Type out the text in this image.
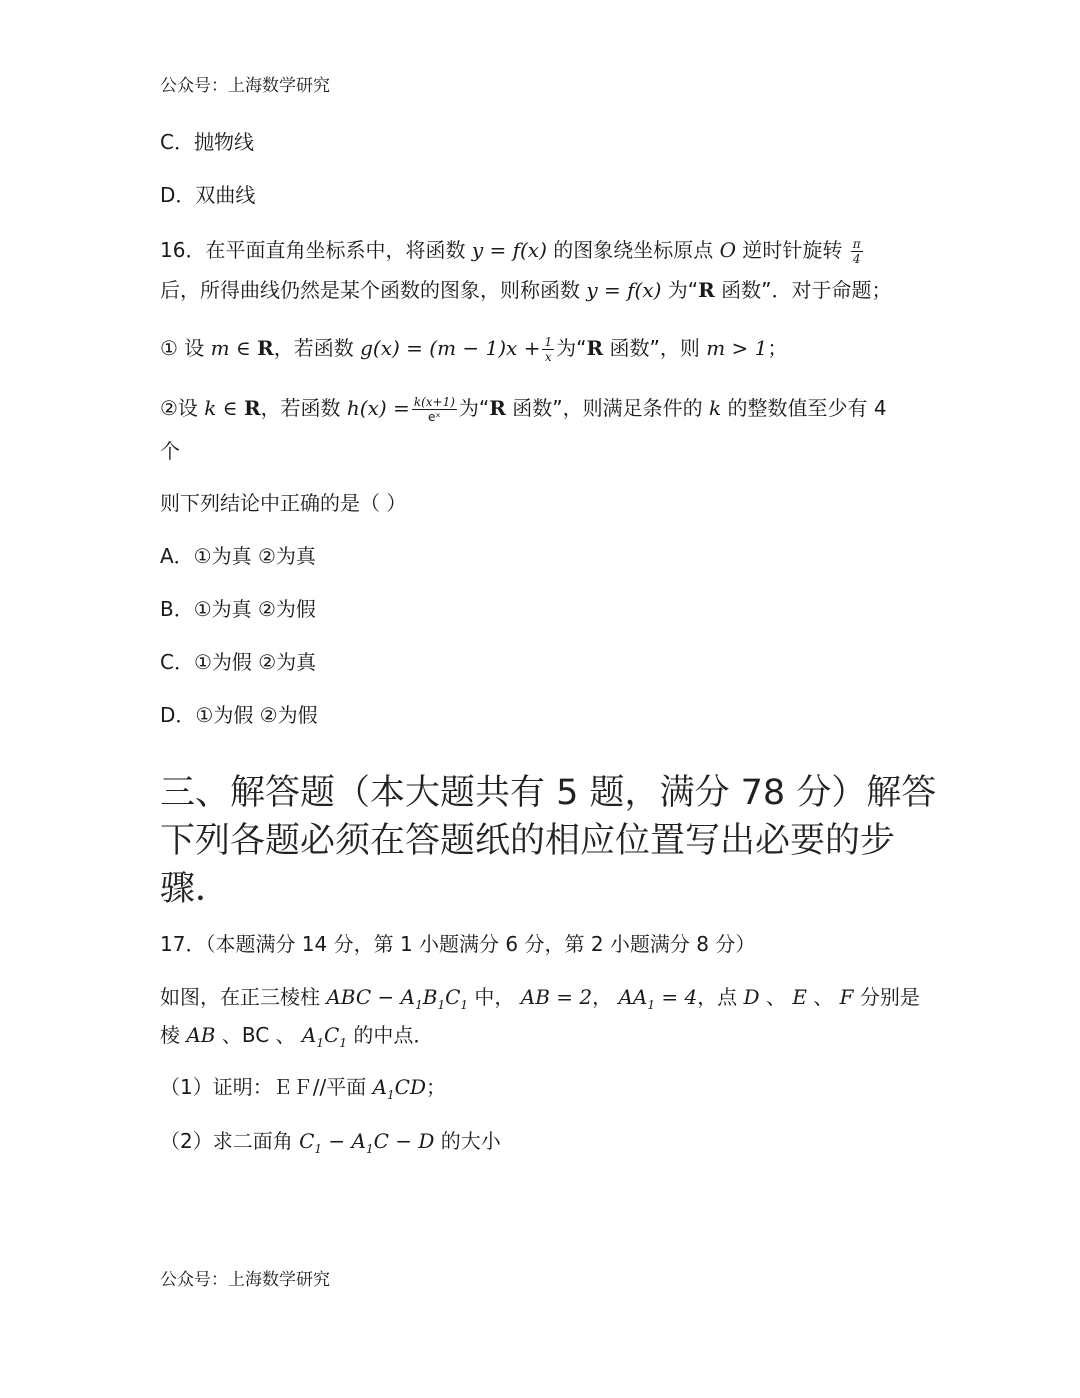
公众号：上海数学研究
C．抛物线
D．双曲线
16．在平面直角坐标系中，将函数 y = f(x) 的图象绕坐标原点 O 逆时针旋转 $\frac{\pi}{4}$
后，所得曲线仍然是某个函数的图象，则称函数 y = f(x) 为“R 函数”．对于命题；
① 设 m ∈ R，若函数 $g(x) = (m - 1)x + \frac{1}{x}$ 为“R 函数”，则 m > 1；
②设 k ∈ R，若函数 $h(x) = \frac{k(x+1)}{\text{eˣ}}$ 为“R 函数”，则满足条件的 k 的整数值至少有 4
个
则下列结论中正确的是（ ）
A．①为真 ②为真
B．①为真 ②为假
C．①为假 ②为真
D．①为假 ②为假
三、解答题（本大题共有 5 题，满分 78 分）解答
下列各题必须在答题纸的相应位置写出必要的步
骤．
17．（本题满分 14 分，第 1 小题满分 6 分，第 2 小题满分 8 分）
如图，在正三棱柱 ABC − $A_1B_1C_1$ 中， AB = 2， $AA_1 = 4$，点 D 、 E 、 F 分别是
棱 AB 、BC 、 $A_1C_1$ 的中点．
（1）证明：ＥＦ//平面 $A_1CD$；
（2）求二面角 $C_1 - A_1C - D$ 的大小
公众号：上海数学研究
